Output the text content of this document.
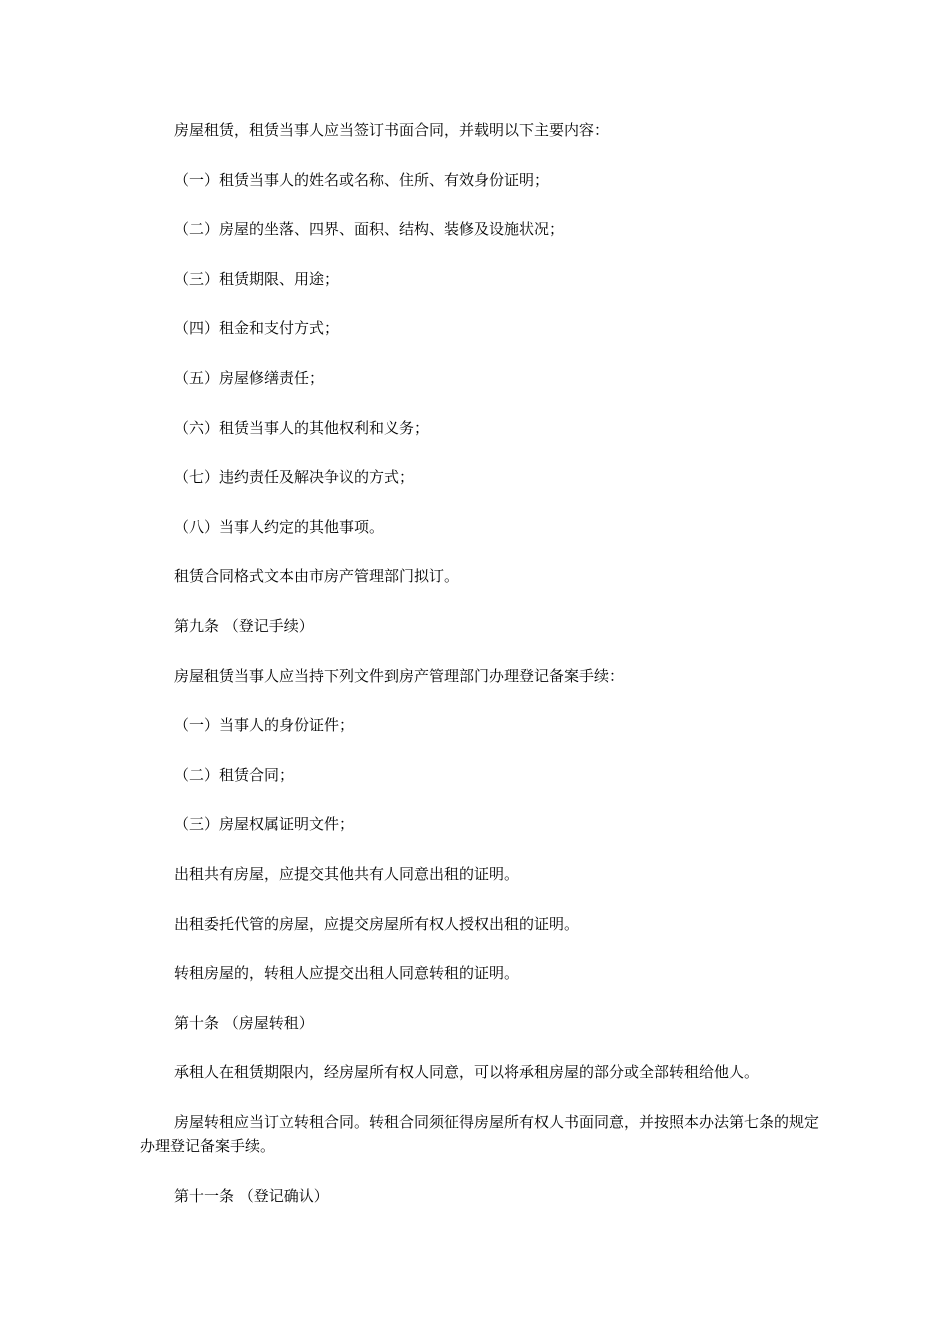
房屋租赁，租赁当事人应当签订书面合同，并载明以下主要内容：
（一）租赁当事人的姓名或名称、住所、有效身份证明；
（二）房屋的坐落、四界、面积、结构、装修及设施状况；
（三）租赁期限、用途；
（四）租金和支付方式；
（五）房屋修缮责任；
（六）租赁当事人的其他权利和义务；
（七）违约责任及解决争议的方式；
（八）当事人约定的其他事项。
租赁合同格式文本由市房产管理部门拟订。
第九条 （登记手续）
房屋租赁当事人应当持下列文件到房产管理部门办理登记备案手续：
（一）当事人的身份证件；
（二）租赁合同；
（三）房屋权属证明文件；
出租共有房屋，应提交其他共有人同意出租的证明。
出租委托代管的房屋，应提交房屋所有权人授权出租的证明。
转租房屋的，转租人应提交出租人同意转租的证明。
第十条 （房屋转租）
承租人在租赁期限内，经房屋所有权人同意，可以将承租房屋的部分或全部转租给他人。
房屋转租应当订立转租合同。转租合同须征得房屋所有权人书面同意，并按照本办法第七条的规定办理登记备案手续。
第十一条 （登记确认）
